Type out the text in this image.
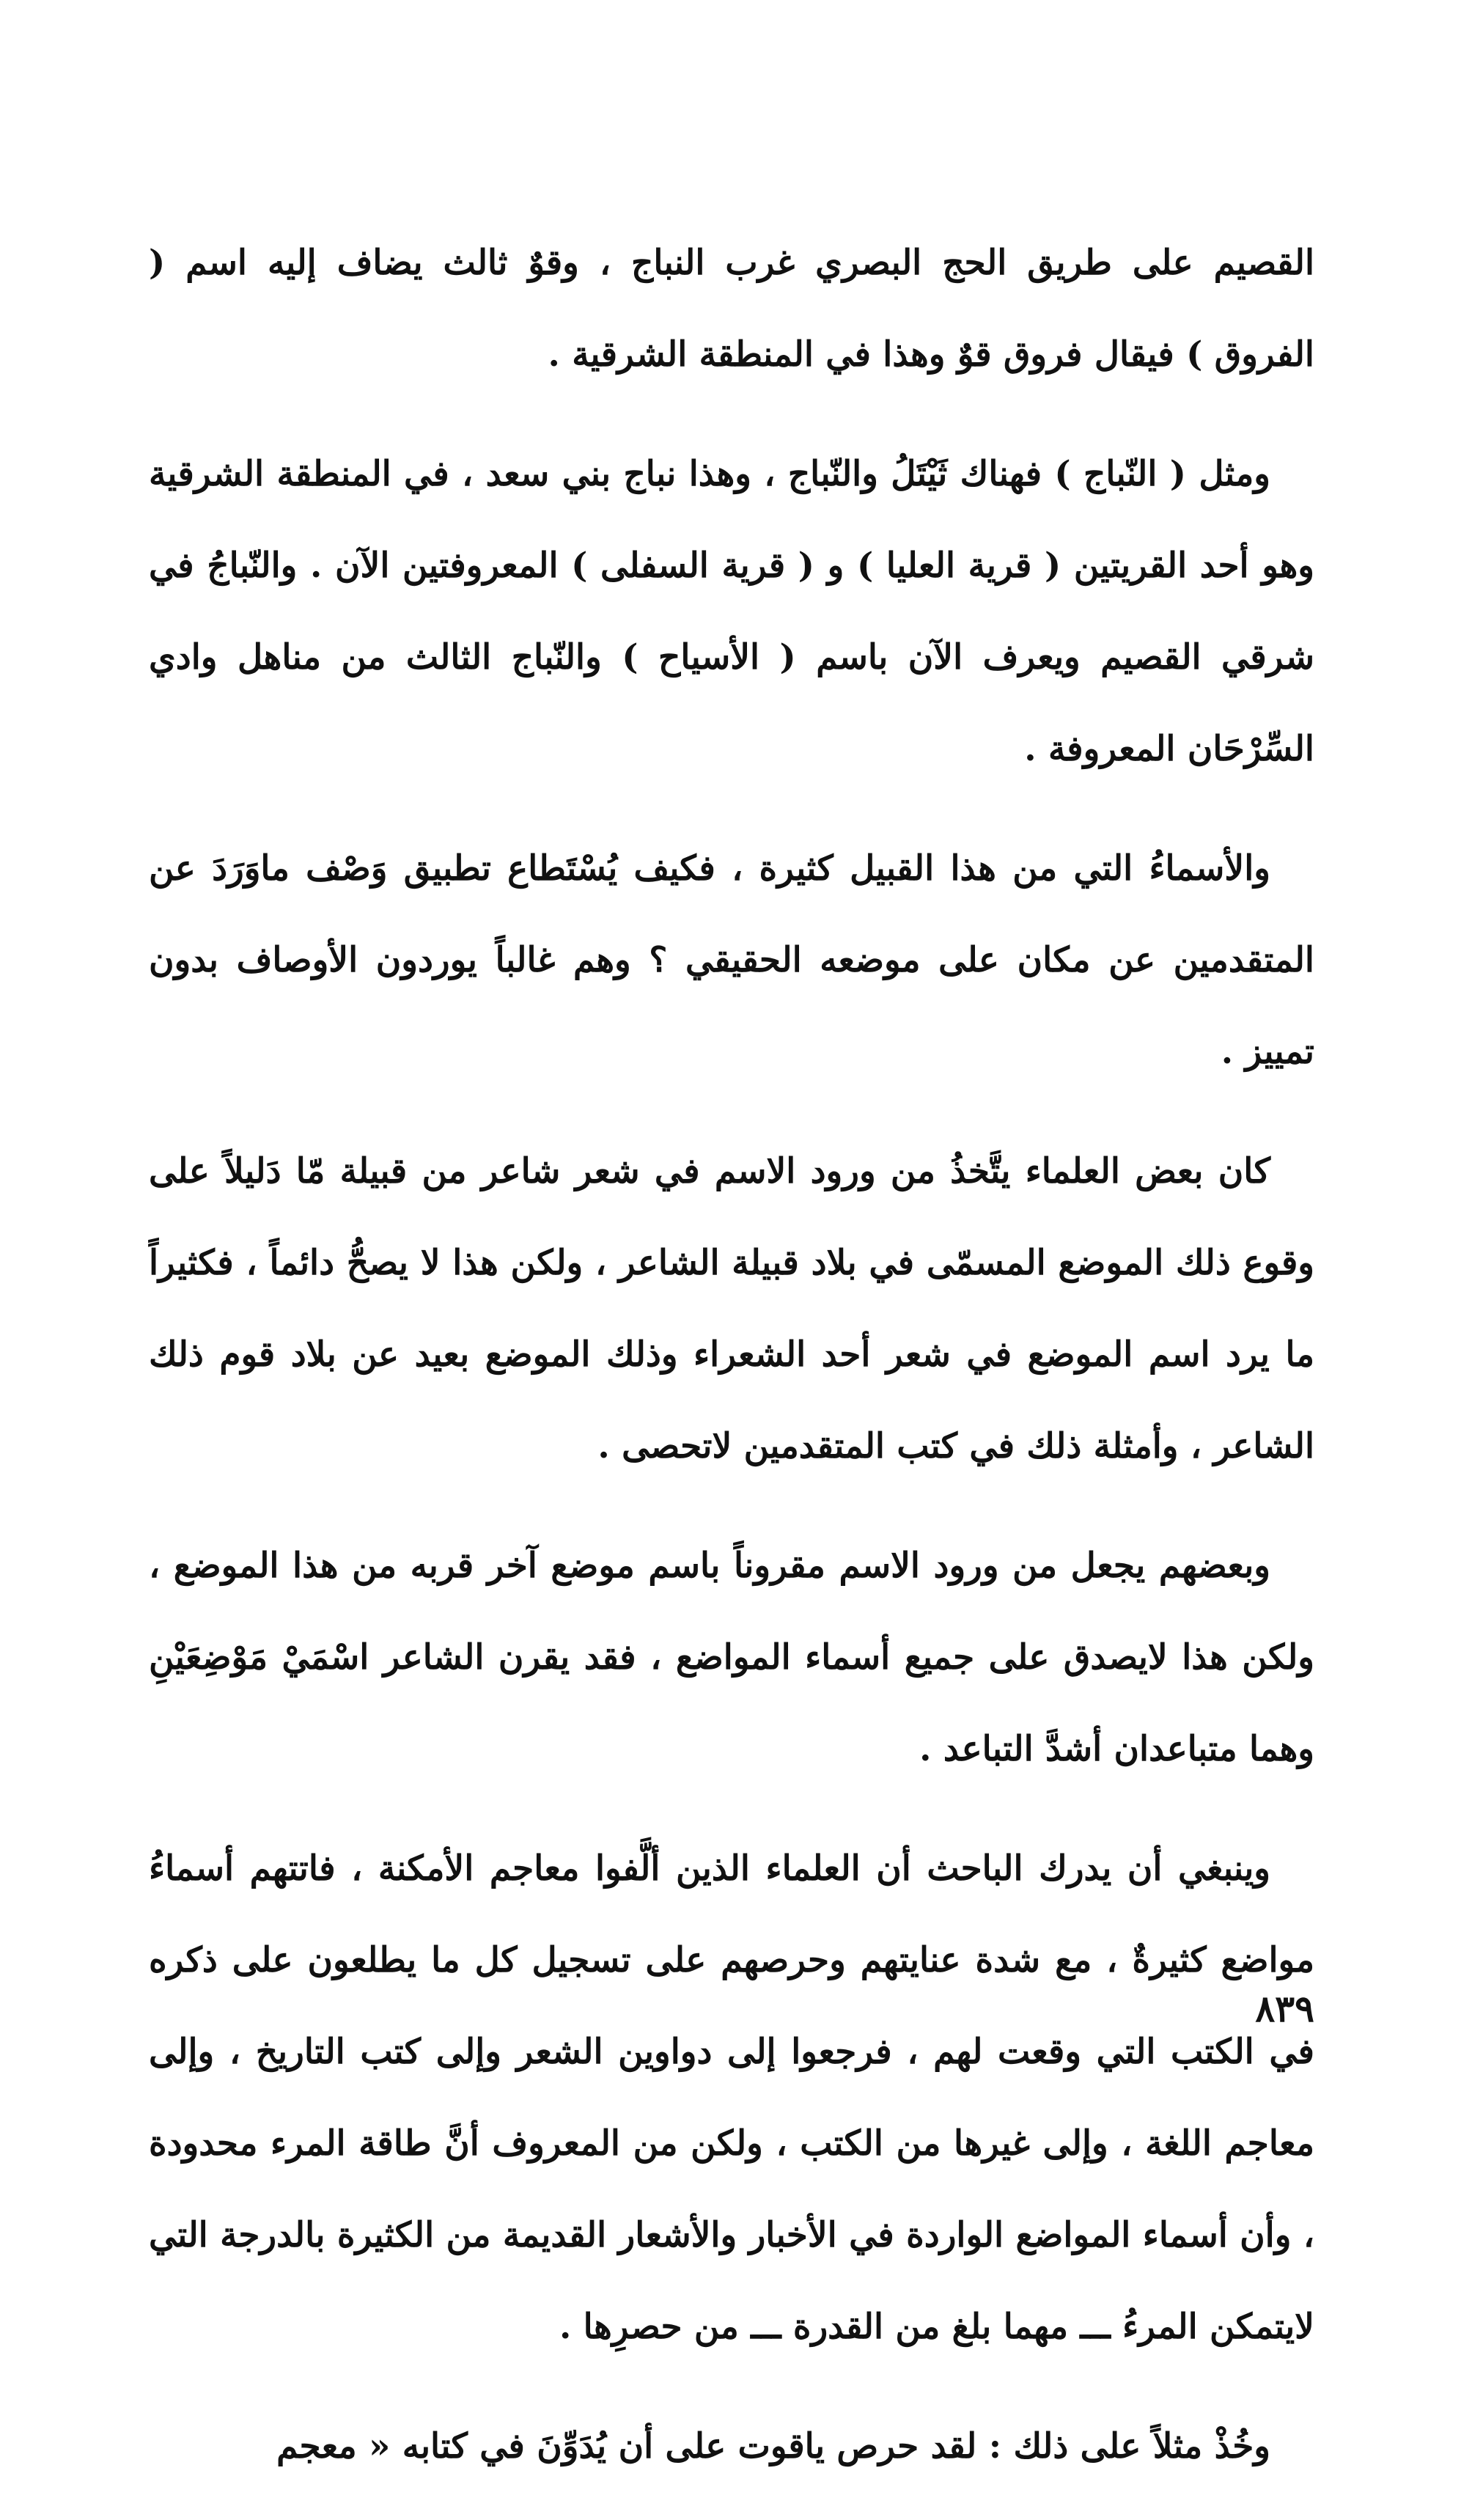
القصيم على طريق الحج البصري غرب النباج ، وقوٌ ثالث يضاف إليه اسم ( الفروق ) فيقال فروق قوٌ وهذا في المنطقة الشرقية .

ومثل ( النّباج ) فهناك ثَيْتَلُ والنّباج ، وهذا نباج بني سعد ، في المنطقة الشرقية وهو أحد القريتين ( قرية العليا ) و ( قرية السفلى ) المعروفتين الآن . والنّباجُ في شرقي القصيم ويعرف الآن باسم ( الأسياح ) والنّباج الثالث من مناهل وادي السِّرْحَان المعروفة .

والأسماءُ التي من هذا القبيل كثيرة ، فكيف يُسْتَطاع تطبيق وَصْف ماوَرَدَ عن المتقدمين عن مكان على موضعه الحقيقي ؟ وهم غالباً يوردون الأوصاف بدون تمييز .

كان بعض العلماء يتَّخذُ من ورود الاسم في شعر شاعر من قبيلة مّا دَليلاً على وقوع ذلك الموضع المسمّى في بلاد قبيلة الشاعر ، ولكن هذا لا يصحُّ دائماً ، فكثيراً ما يرد اسم الموضع في شعر أحد الشعراء وذلك الموضع بعيد عن بلاد قوم ذلك الشاعر ، وأمثلة ذلك في كتب المتقدمين لاتحصى .

وبعضهم يجعل من ورود الاسم مقروناً باسم موضع آخر قربه من هذا الموضع ، ولكن هذا لايصدق على جميع أسماء المواضع ، فقد يقرن الشاعر اسْمَيْ مَوْضِعَيْنِ وهما متباعدان أشدَّ التباعد .

وينبغي أن يدرك الباحث أن العلماء الذين ألَّفوا معاجم الأمكنة ، فاتتهم أسماءُ مواضع كثيرةٌ ، مع شدة عنايتهم وحرصهم على تسجيل كل ما يطلعون على ذكره في الكتب التي وقعت لهم ، فرجعوا إلى دواوين الشعر وإلى كتب التاريخ ، وإلى معاجم اللغة ، وإلى غيرها من الكتب ، ولكن من المعروف أنَّ طاقة المرء محدودة ، وأن أسماء المواضع الواردة في الأخبار والأشعار القديمة من الكثيرة بالدرجة التي لايتمكن المرءُ ـــ مهما بلغ من القدرة ـــ من حصرِها .

وخُذْ مثلاً على ذلك : لقد حرص ياقوت على أن يُدَوِّنَ في كتابه « معجم

٨٣٩
